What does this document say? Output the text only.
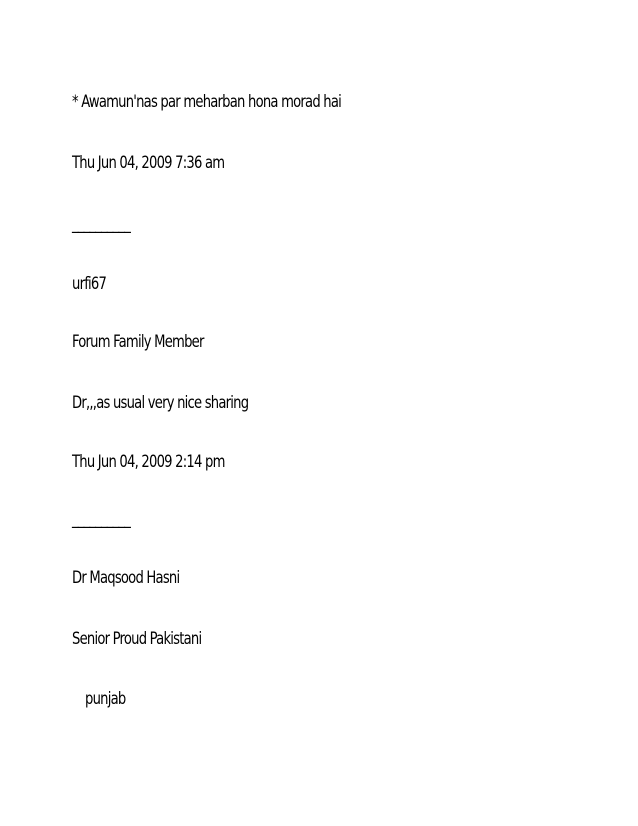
* Awamun'nas par meharban hona morad hai
Thu Jun 04, 2009 7:36 am
__________
urfi67
Forum Family Member
Dr,,,as usual very nice sharing
Thu Jun 04, 2009 2:14 pm
__________
Dr Maqsood Hasni
Senior Proud Pakistani
punjab
